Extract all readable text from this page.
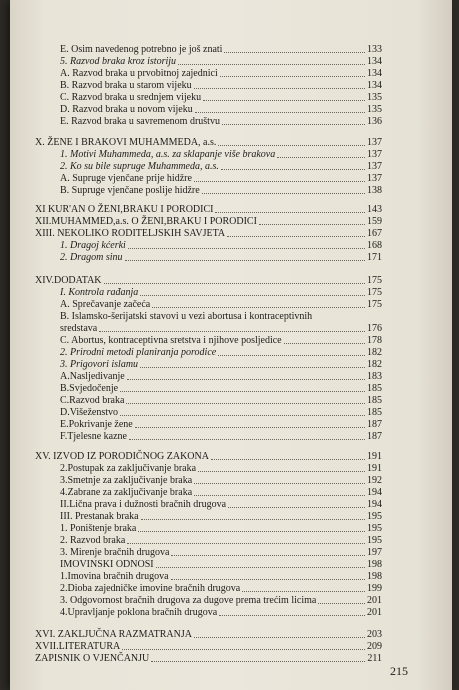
E. Osim navedenog potrebno je još znati	133
5. Razvod braka kroz istoriju	134
A. Razvod braka u prvobitnoj zajednici	134
B. Razvod braka u starom vijeku	134
C. Razvod braka u srednjem vijeku	135
D. Razvod braka u novom vijeku	135
E. Razvod braka u savremenom društvu	136
X. ŽENE I BRAKOVI MUHAMMEDA, a.s.	137
1. Motivi Muhammeda, a.s. za sklapanje više brakova	137
2. Ko su bile supruge Muhammeda, a.s.	137
A. Supruge vjenčane prije hidžre	137
B. Supruge vjenčane poslije hidžre	138
XI KUR'AN O ŽENI,BRAKU I PORODICI	143
XII.MUHAMMED,a.s. O ŽENI,BRAKU I PORODICI	159
XIII. NEKOLIKO RODITELJSKIH SAVJETA	167
1. Dragoj kćerki	168
2. Dragom sinu	171
XIV.DODATAK	175
I. Kontrola rađanja	175
A. Sprečavanje začeća	175
B. Islamsko-šerijatski stavovi u vezi abortusa i kontraceptivnih
sredstava	176
C. Abortus, kontraceptivna sretstva i njihove posljedice	178
2. Prirodni metodi planiranja porodice	182
3. Prigovori islamu	182
A.Nasljedivanje	183
B.Svjedočenje	185
C.Razvod braka	185
D.Višeženstvo	185
E.Pokrivanje žene	187
F.Tjelesne kazne	187
XV. IZVOD IZ PORODIČNOG ZAKONA	191
2.Postupak za zaključivanje braka	191
3.Smetnje za zaključivanje braka	192
4.Zabrane za zaključivanje braka	194
II.Lična prava i dužnosti bračnih drugova	194
III. Prestanak braka	195
1. Poništenje braka	195
2. Razvod braka	195
3. Mirenje bračnih drugova	197
IMOVINSKI ODNOSI	198
1.Imovina bračnih drugova	198
2.Dioba zajedničke imovine bračnih drugova	199
3. Odgovornost bračnih drugova za dugove prema trećim licima	201
4.Upravljanje poklona bračnih drugova	201
XVI. ZAKLJUČNA RAZMATRANJA	203
XVII.LITERATURA	209
ZAPISNIK O VJENČANJU	211
215
